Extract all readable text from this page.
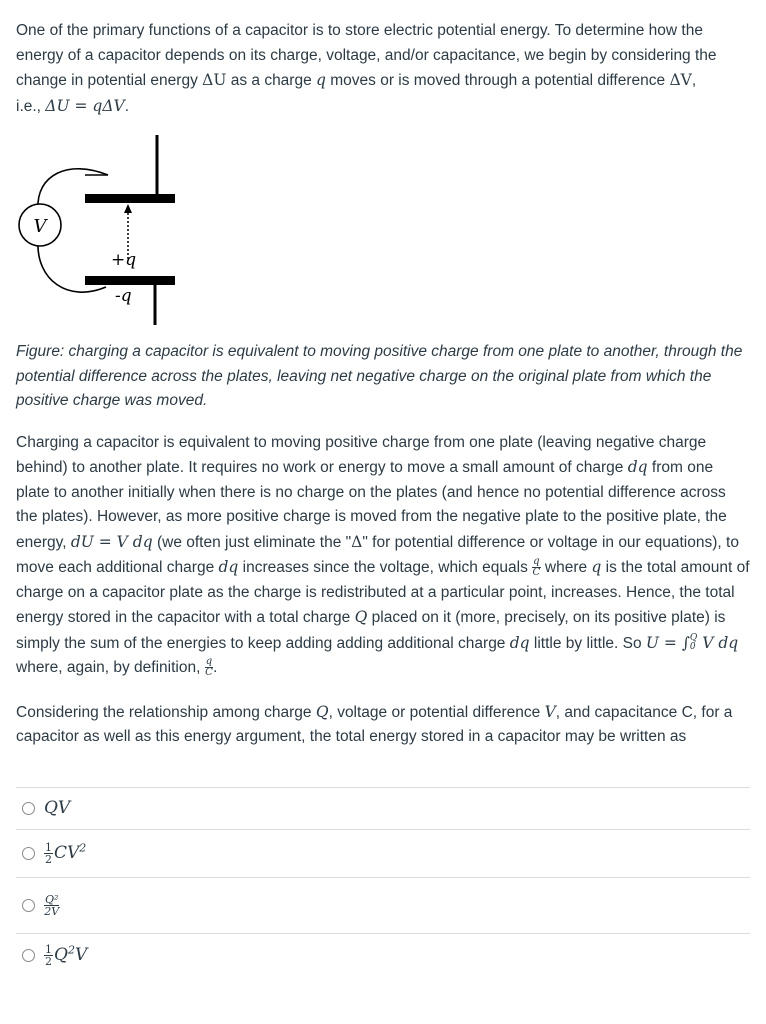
One of the primary functions of a capacitor is to store electric potential energy. To determine how the energy of a capacitor depends on its charge, voltage, and/or capacitance, we begin by considering the change in potential energy ΔU as a charge q moves or is moved through a potential difference ΔV,
i.e., ΔU = qΔV.

V
+q
-q

Figure: charging a capacitor is equivalent to moving positive charge from one plate to another, through the potential difference across the plates, leaving net negative charge on the original plate from which the positive charge was moved.

Charging a capacitor is equivalent to moving positive charge from one plate (leaving negative charge behind) to another plate. It requires no work or energy to move a small amount of charge dq from one plate to another initially when there is no charge on the plates (and hence no potential difference across the plates). However, as more positive charge is moved from the negative plate to the positive plate, the energy, dU = V dq (we often just eliminate the "Δ" for potential difference or voltage in our equations), to move each additional charge dq increases since the voltage, which equals $\frac{q}{C}$ where q is the total amount of charge on a capacitor plate as the charge is redistributed at a particular point, increases. Hence, the total energy stored in the capacitor with a total charge Q placed on it (more, precisely, on its positive plate) is simply the sum of the energies to keep adding adding additional charge dq little by little. So U = ∫ Q
0 V dq where, again, by definition, $\frac{q}{C}$ .

Considering the relationship among charge Q, voltage or potential difference V, and capacitance C, for a capacitor as well as this energy argument, the total energy stored in a capacitor may be written as

QV
$\frac{1}{2} CV^2$
$\frac{\text{Q²}}{2V}$
$\frac{1}{2} Q^2V$
